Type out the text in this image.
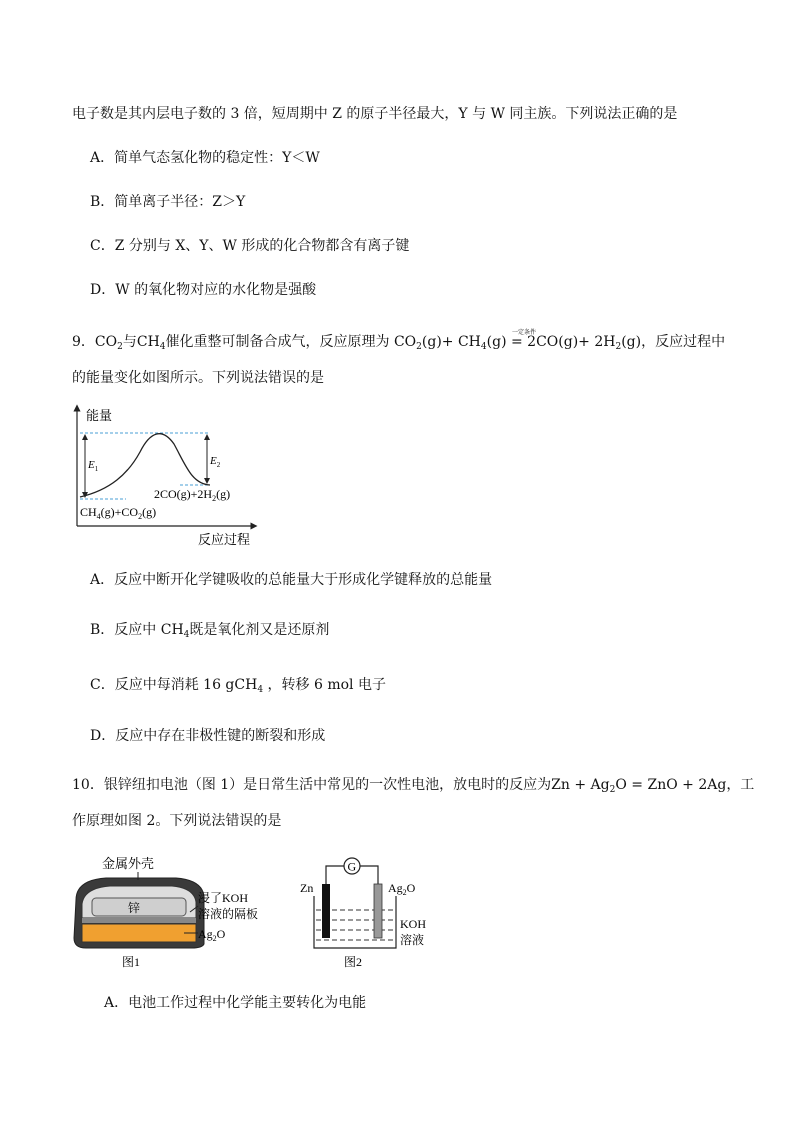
电子数是其内层电子数的 3 倍，短周期中 Z 的原子半径最大，Y 与 W 同主族。下列说法正确的是
A．简单气态氢化物的稳定性：Y＜W
B．简单离子半径：Z＞Y
C．Z 分别与 X、Y、W 形成的化合物都含有离子键
D．W 的氧化物对应的水化物是强酸
9．$CO_2$与$CH_4$催化重整可制备合成气，反应原理为 $CO_2(g)+ CH_4(g)$
一定条件
= $2CO(g)+ 2H_2(g)$，反应过程中
的能量变化如图所示。下列说法错误的是
能量
$E_1$
$E_2$
$2CO(g)+2H_2(g)$
$CH_4(g)+CO_2(g)$
反应过程
A．反应中断开化学键吸收的总能量大于形成化学键释放的总能量
B．反应中 $CH_4$既是氧化剂又是还原剂
C．反应中每消耗 16 gCH$_4$ ，转移 6 mol 电子
D．反应中存在非极性键的断裂和形成
10．银锌纽扣电池（图 1）是日常生活中常见的一次性电池，放电时的反应为$Zn + Ag_2O$ = ZnO + 2Ag，工
作原理如图 2。下列说法错误的是
金属外壳
锌
浸了KOH
溶液的隔板
$Ag_2O$
图1
G
Zn	$Ag_2O$
KOH
溶液
图2
A．电池工作过程中化学能主要转化为电能
